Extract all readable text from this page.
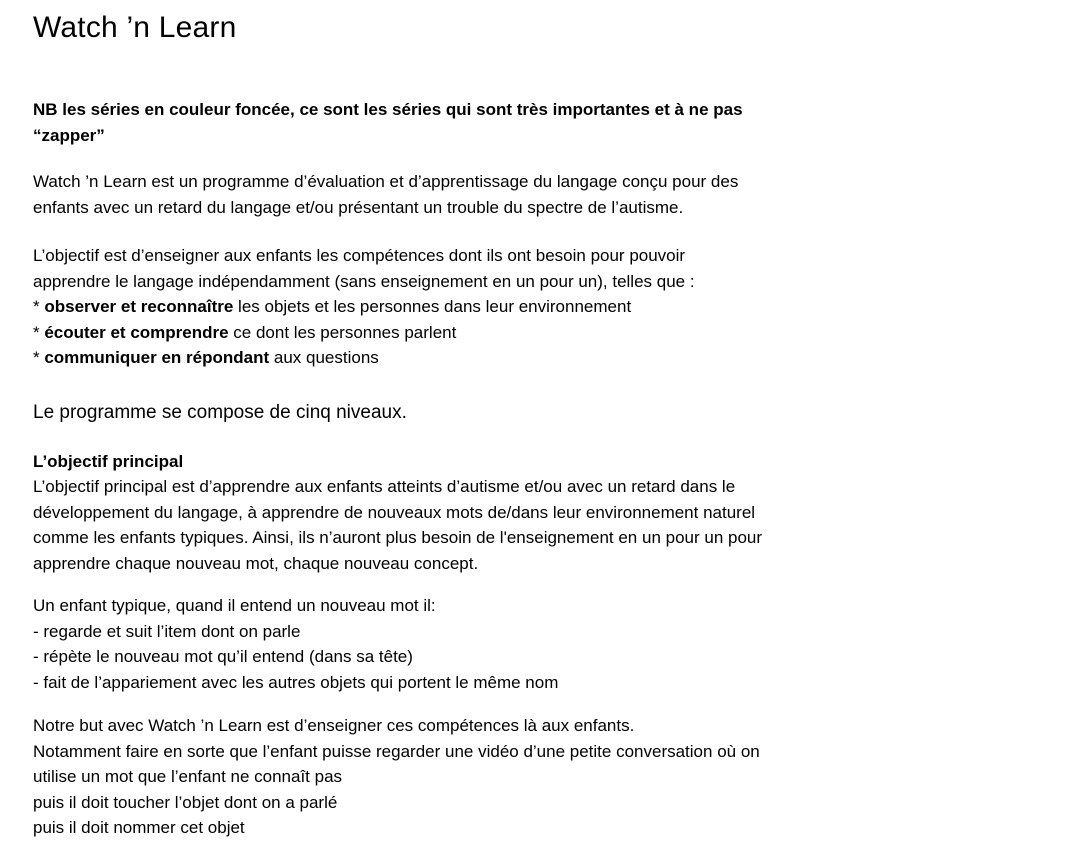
Watch ’n Learn
NB les séries en couleur foncée, ce sont les séries qui sont très importantes et à ne pas
“zapper”
Watch ’n Learn est un programme d’évaluation et d’apprentissage du langage conçu pour des
enfants avec un retard du langage et/ou présentant un trouble du spectre de l’autisme.
L’objectif est d’enseigner aux enfants les compétences dont ils ont besoin pour pouvoir
apprendre le langage indépendamment (sans enseignement en un pour un), telles que :
* observer et reconnaître les objets et les personnes dans leur environnement
* écouter et comprendre ce dont les personnes parlent
* communiquer en répondant aux questions
Le programme se compose de cinq niveaux.
L’objectif principal
L’objectif principal est d’apprendre aux enfants atteints d’autisme et/ou avec un retard dans le
développement du langage, à apprendre de nouveaux mots de/dans leur environnement naturel
comme les enfants typiques. Ainsi, ils n’auront plus besoin de l'enseignement en un pour un pour
apprendre chaque nouveau mot, chaque nouveau concept.
Un enfant typique, quand il entend un nouveau mot il:
- regarde et suit l’item dont on parle
- répète le nouveau mot qu’il entend (dans sa tête)
- fait de l’appariement avec les autres objets qui portent le même nom
Notre but avec Watch ’n Learn est d’enseigner ces compétences là aux enfants.
Notamment faire en sorte que l’enfant puisse regarder une vidéo d’une petite conversation où on
utilise un mot que l’enfant ne connaît pas
puis il doit toucher l’objet dont on a parlé
puis il doit nommer cet objet
